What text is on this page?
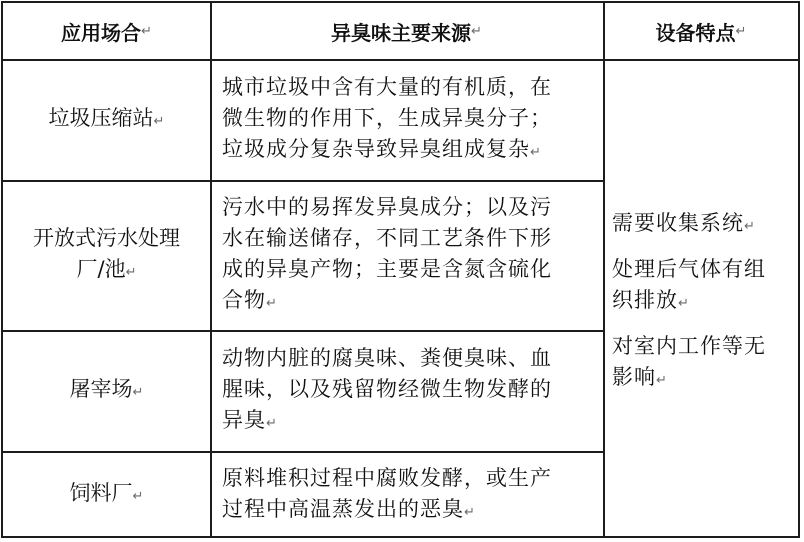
应用场合 ↵	异臭味主要来源 ↵	设备特点 ↵
垃圾压缩站↵
城市垃圾中含有大量的有机质，在
微生物的作用下，生成异臭分子；
垃圾成分复杂导致异臭组成复杂↵
开放式污水处理
厂/池↵
污水中的易挥发异臭成分；以及污
水在输送储存，不同工艺条件下形
成的异臭产物；主要是含氮含硫化
合物↵
屠宰场↵
动物内脏的腐臭味、粪便臭味、血
腥味，以及残留物经微生物发酵的
异臭↵
饲料厂↵
原料堆积过程中腐败发酵，或生产
过程中高温蒸发出的恶臭↵

需要收集系统↵

处理后气体有组
织排放↵

对室内工作等无
影响↵
